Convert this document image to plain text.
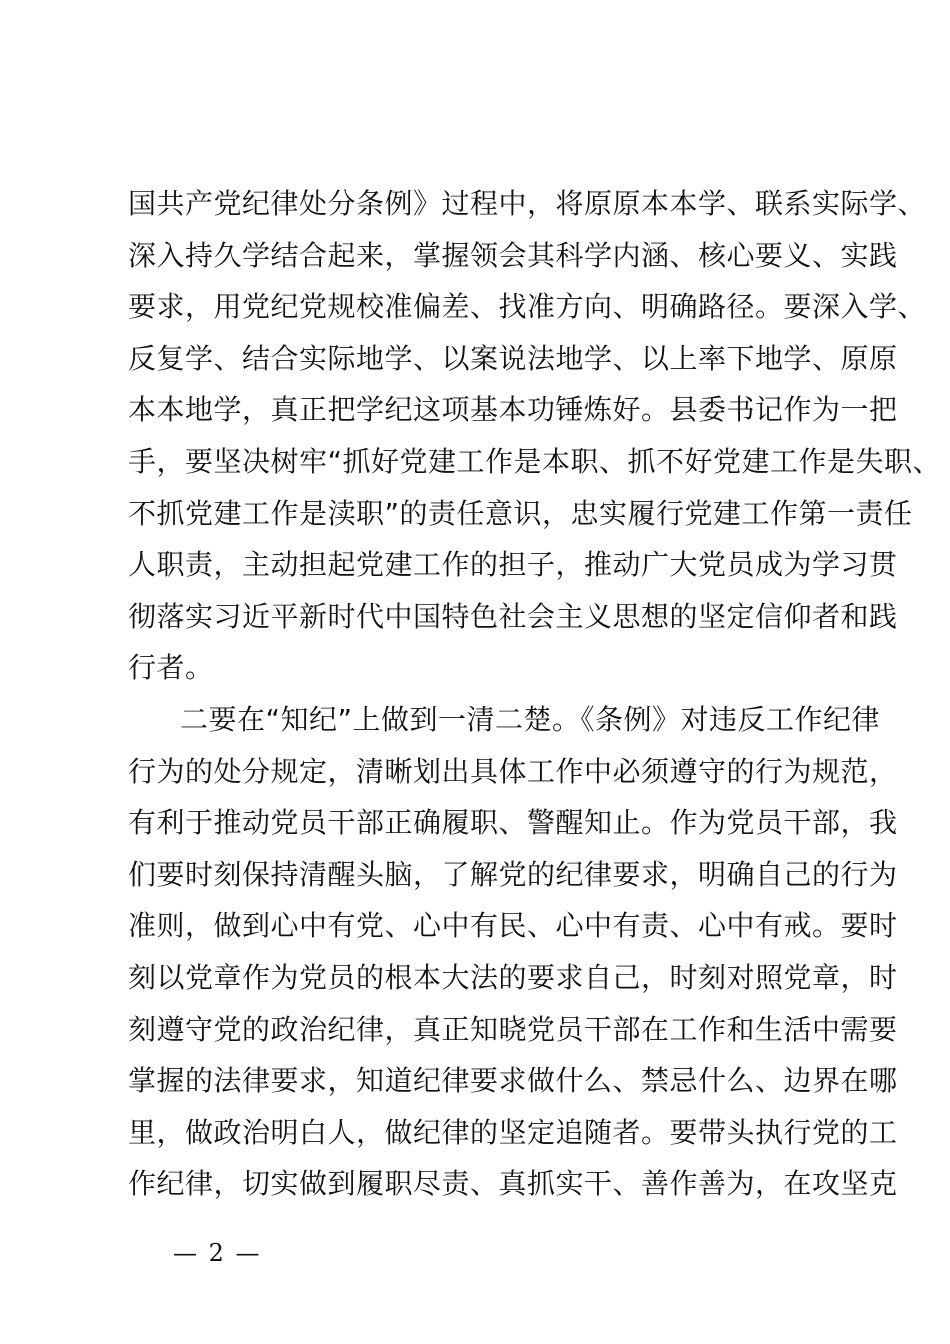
国共产党纪律处分条例》过程中，将原原本本学、联系实际学、
深入持久学结合起来，掌握领会其科学内涵、核心要义、实践
要求，用党纪党规校准偏差、找准方向、明确路径。要深入学、
反复学、结合实际地学、以案说法地学、以上率下地学、原原
本本地学，真正把学纪这项基本功锤炼好。县委书记作为一把
手，要坚决树牢“抓好党建工作是本职、抓不好党建工作是失职、
不抓党建工作是渎职”的责任意识，忠实履行党建工作第一责任
人职责，主动担起党建工作的担子，推动广大党员成为学习贯
彻落实习近平新时代中国特色社会主义思想的坚定信仰者和践
行者。
二要在“知纪”上做到一清二楚。《条例》对违反工作纪律
行为的处分规定，清晰划出具体工作中必须遵守的行为规范，
有利于推动党员干部正确履职、警醒知止。作为党员干部，我
们要时刻保持清醒头脑，了解党的纪律要求，明确自己的行为
准则，做到心中有党、心中有民、心中有责、心中有戒。要时
刻以党章作为党员的根本大法的要求自己，时刻对照党章，时
刻遵守党的政治纪律，真正知晓党员干部在工作和生活中需要
掌握的法律要求，知道纪律要求做什么、禁忌什么、边界在哪
里，做政治明白人，做纪律的坚定追随者。要带头执行党的工
作纪律，切实做到履职尽责、真抓实干、善作善为，在攻坚克
— 2 —
